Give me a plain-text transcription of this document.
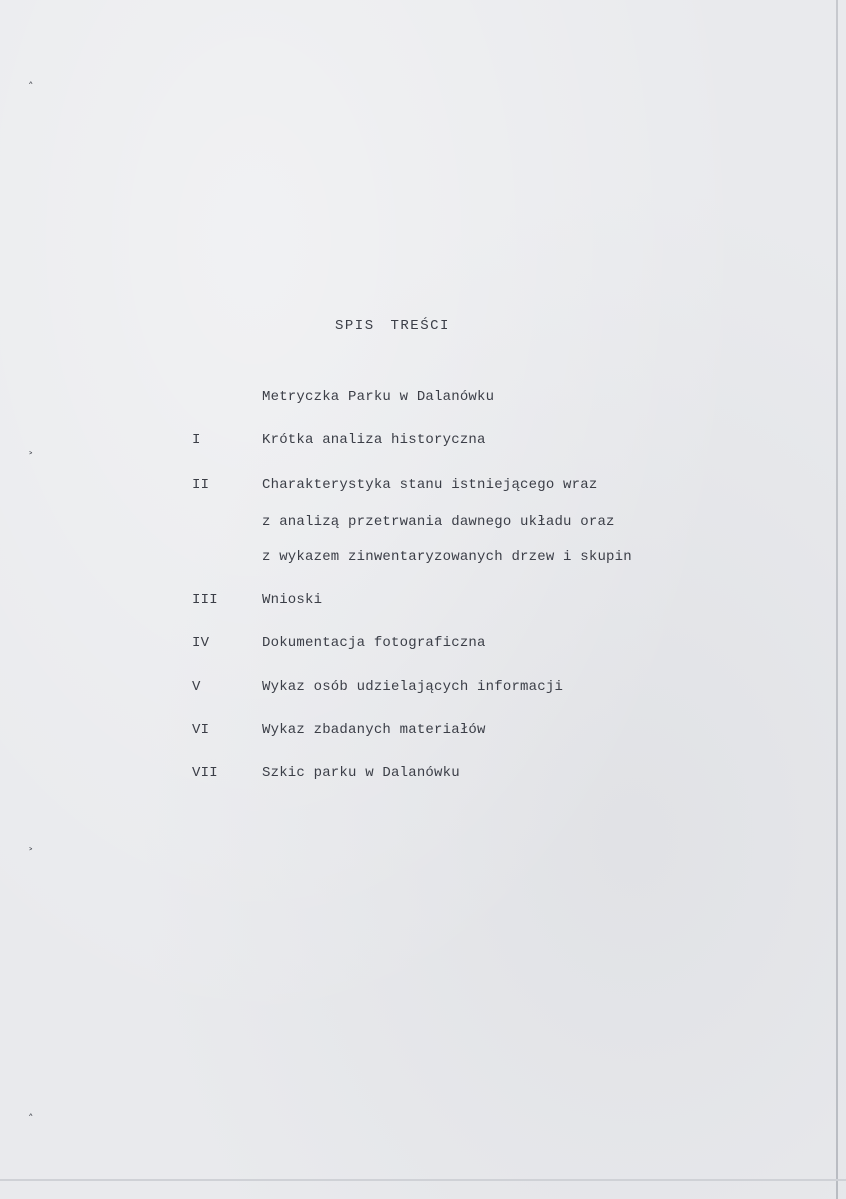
˄
˃
˃
˄
SPIS TREŚCI
Metryczka Parku w Dalanówku
I	Krótka analiza historyczna
II	Charakterystyka stanu istniejącego wraz
z analizą przetrwania dawnego układu oraz
z wykazem zinwentaryzowanych drzew i skupin
III	Wnioski
IV	Dokumentacja fotograficzna
V	Wykaz osób udzielających informacji
VI	Wykaz zbadanych materiałów
VII	Szkic parku w Dalanówku
